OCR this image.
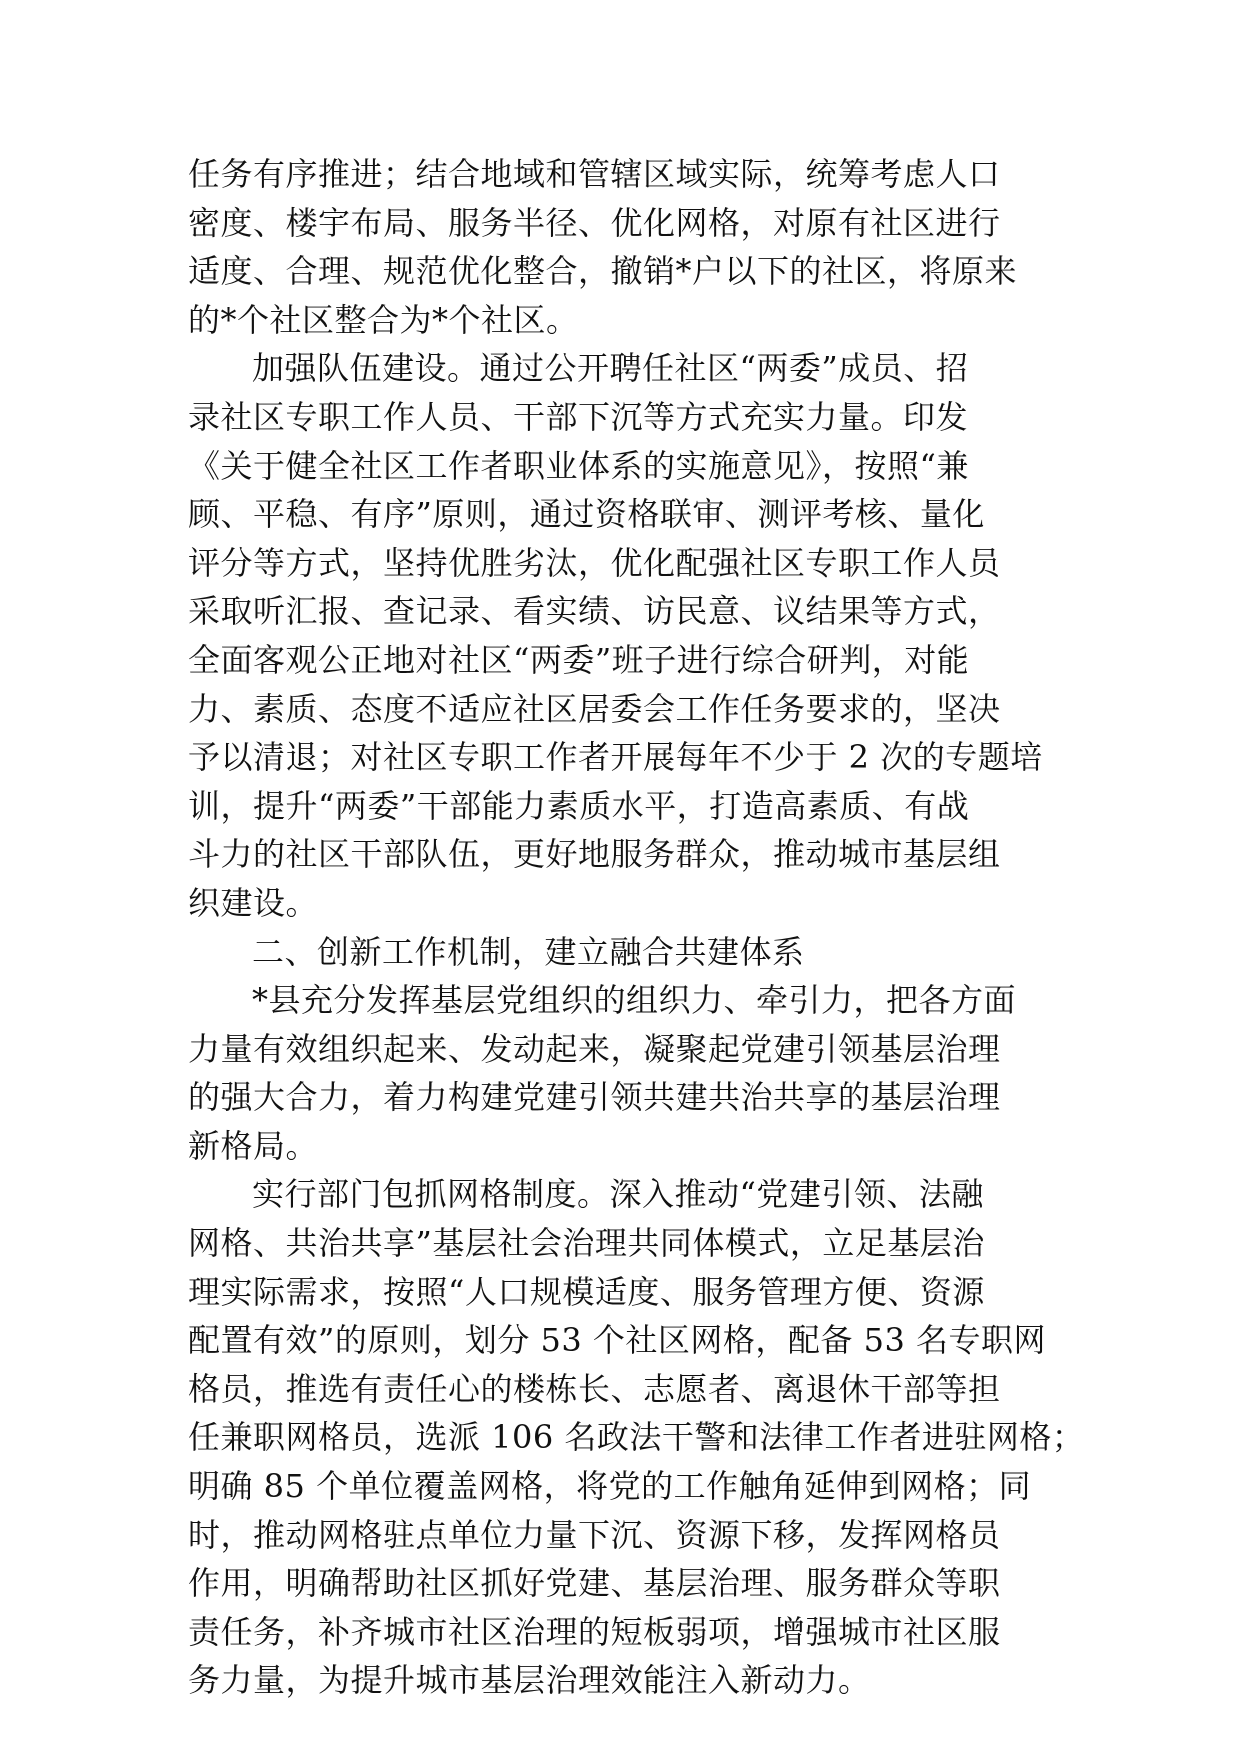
任务有序推进；结合地域和管辖区域实际，统筹考虑人口
密度、楼宇布局、服务半径、优化网格，对原有社区进行
适度、合理、规范优化整合，撤销*户以下的社区，将原来
的*个社区整合为*个社区。
加强队伍建设。通过公开聘任社区“两委”成员、招
录社区专职工作人员、干部下沉等方式充实力量。印发
《关于健全社区工作者职业体系的实施意见》，按照“兼
顾、平稳、有序”原则，通过资格联审、测评考核、量化
评分等方式，坚持优胜劣汰，优化配强社区专职工作人员
采取听汇报、查记录、看实绩、访民意、议结果等方式，
全面客观公正地对社区“两委”班子进行综合研判，对能
力、素质、态度不适应社区居委会工作任务要求的，坚决
予以清退；对社区专职工作者开展每年不少于 2 次的专题培
训，提升“两委”干部能力素质水平，打造高素质、有战
斗力的社区干部队伍，更好地服务群众，推动城市基层组
织建设。
二、创新工作机制，建立融合共建体系
*县充分发挥基层党组织的组织力、牵引力，把各方面
力量有效组织起来、发动起来，凝聚起党建引领基层治理
的强大合力，着力构建党建引领共建共治共享的基层治理
新格局。
实行部门包抓网格制度。深入推动“党建引领、法融
网格、共治共享”基层社会治理共同体模式，立足基层治
理实际需求，按照“人口规模适度、服务管理方便、资源
配置有效”的原则，划分 53 个社区网格，配备 53 名专职网
格员，推选有责任心的楼栋长、志愿者、离退休干部等担
任兼职网格员，选派 106 名政法干警和法律工作者进驻网格；
明确 85 个单位覆盖网格，将党的工作触角延伸到网格；同
时，推动网格驻点单位力量下沉、资源下移，发挥网格员
作用，明确帮助社区抓好党建、基层治理、服务群众等职
责任务，补齐城市社区治理的短板弱项，增强城市社区服
务力量，为提升城市基层治理效能注入新动力。
